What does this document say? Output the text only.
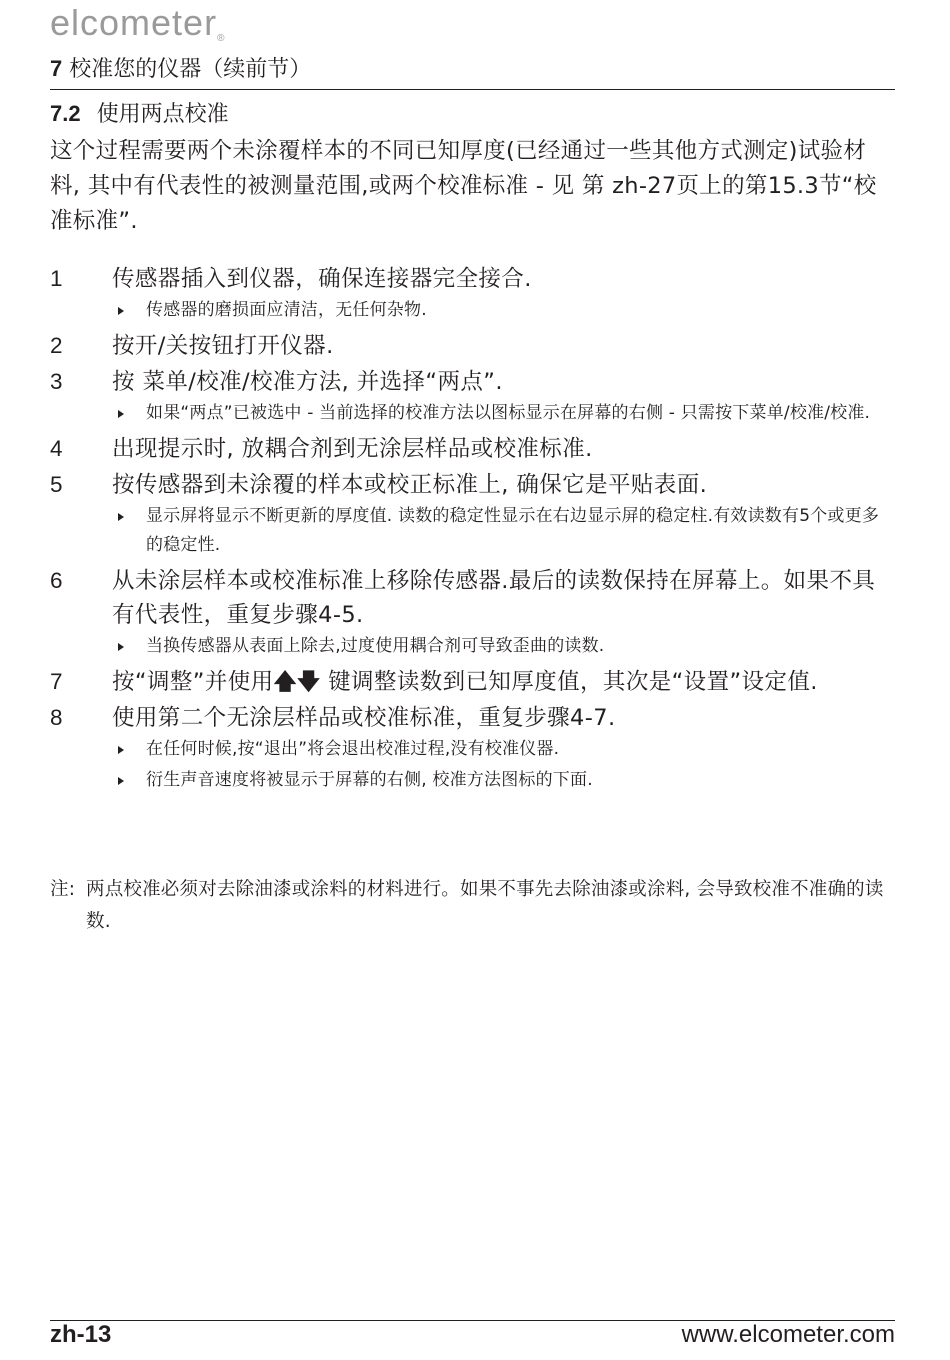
elcometer®
7 校准您的仪器（续前节）
7.2 使用两点校准
这个过程需要两个未涂覆样本的不同已知厚度(已经通过一些其他方式测定)试验材料, 其中有代表性的被测量范围,或两个校准标准 - 见 第 zh-27页上的第15.3节“校准标准”.
1 传感器插入到仪器，确保连接器完全接合.
传感器的磨损面应清洁，无任何杂物.
2 按开/关按钮打开仪器.
3 按 菜单/校准/校准方法, 并选择“两点”.
如果“两点”已被选中 - 当前选择的校准方法以图标显示在屏幕的右侧 - 只需按下菜单/校准/校准.
4 出现提示时, 放耦合剂到无涂层样品或校准标准.
5 按传感器到未涂覆的样本或校正标准上, 确保它是平贴表面.
显示屏将显示不断更新的厚度值. 读数的稳定性显示在右边显示屏的稳定柱.有效读数有5个或更多的稳定性.
6 从未涂层样本或校准标准上移除传感器.最后的读数保持在屏幕上。如果不具有代表性，重复步骤4-5.
当换传感器从表面上除去,过度使用耦合剂可导致歪曲的读数.
7 按“调整”并使用🡅🡇 键调整读数到已知厚度值，其次是“设置”设定值.
8 使用第二个无涂层样品或校准标准，重复步骤4-7.
在任何时候,按“退出”将会退出校准过程,没有校准仪器.
衍生声音速度将被显示于屏幕的右侧, 校准方法图标的下面.
注: 两点校准必须对去除油漆或涂料的材料进行。如果不事先去除油漆或涂料, 会导致校准不准确的读数.
zh-13	www.elcometer.com
